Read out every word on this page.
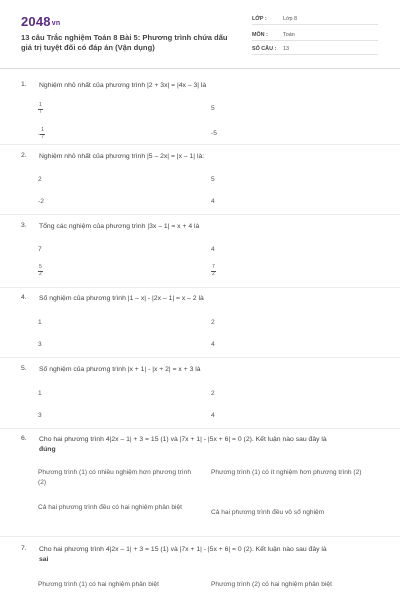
2048vn
13 câu Trắc nghiệm Toán 8 Bài 5: Phương trình chứa dấu giá trị tuyệt đối có đáp án (Vận dụng)
LỚP :	Lớp 8
MÔN :	Toán
SỐ CÂU : 13
1. Nghiệm nhỏ nhất của phương trình |2 + 3x| = |4x – 3| là
$\frac{1}{7}$	5
- $\frac{1}{7}$	-5
2. Nghiệm nhỏ nhất của phương trình |5 – 2x| = |x – 1| là:
2	5
-2	4
3. Tổng các nghiệm của phương trình |3x – 1| = x + 4 là
7	4
$\frac{5}{2}$	$\frac{7}{2}$
4. Số nghiệm của phương trình |1 – x| - |2x – 1| = x – 2 là
1	2
3	4
5. Số nghiệm của phương trình |x + 1| - |x + 2| = x + 3 là
1	2
3	4
6. Cho hai phương trình 4|2x – 1| + 3 = 15 (1) và |7x + 1| - |5x + 6| = 0 (2). Kết luận nào sau đây là
đúng
Phương trình (1) có nhiều nghiệm hơn phương trình (2)
Phương trình (1) có ít nghiệm hơn phương trình (2)
Cả hai phương trình đều có hai nghiệm phân biệt
Cả hai phương trình đều vô số nghiệm
7. Cho hai phương trình 4|2x – 1| + 3 = 15 (1) và |7x + 1| - |5x + 6| = 0 (2). Kết luận nào sau đây là
sai
Phương trình (1) có hai nghiệm phân biệt	Phương trình (2) có hai nghiệm phân biệt
